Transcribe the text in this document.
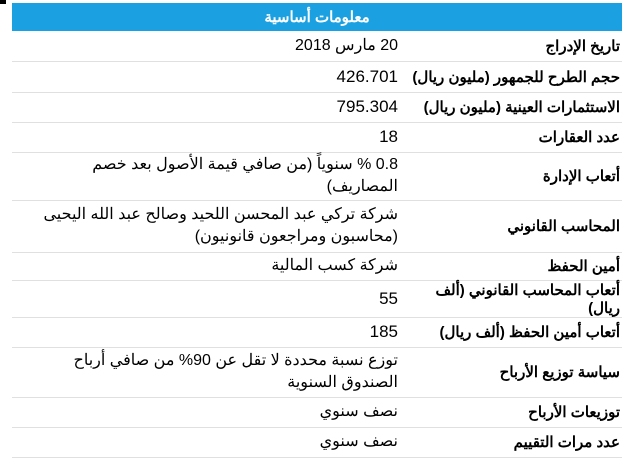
معلومات أساسية
20 مارس 2018	تاريخ الإدراج
426.701	حجم الطرح للجمهور (مليون ريال)
795.304	الاستثمارات العينية (مليون ريال)
18	عدد العقارات
0.8 % سنوياً (من صافي قيمة الأصول بعد خصم المصاريف)	أتعاب الإدارة
شركة تركي عبد المحسن اللحيد وصالح عبد الله اليحيى (محاسبون ومراجعون قانونيون)	المحاسب القانوني
شركة كسب المالية	أمين الحفظ
55	أتعاب المحاسب القانوني (ألف ريال)
185	أتعاب أمين الحفظ (ألف ريال)
توزع نسبة محددة لا تقل عن 90% من صافي أرباح الصندوق السنوية	سياسة توزيع الأرباح
نصف سنوي	توزيعات الأرباح
نصف سنوي	عدد مرات التقييم
